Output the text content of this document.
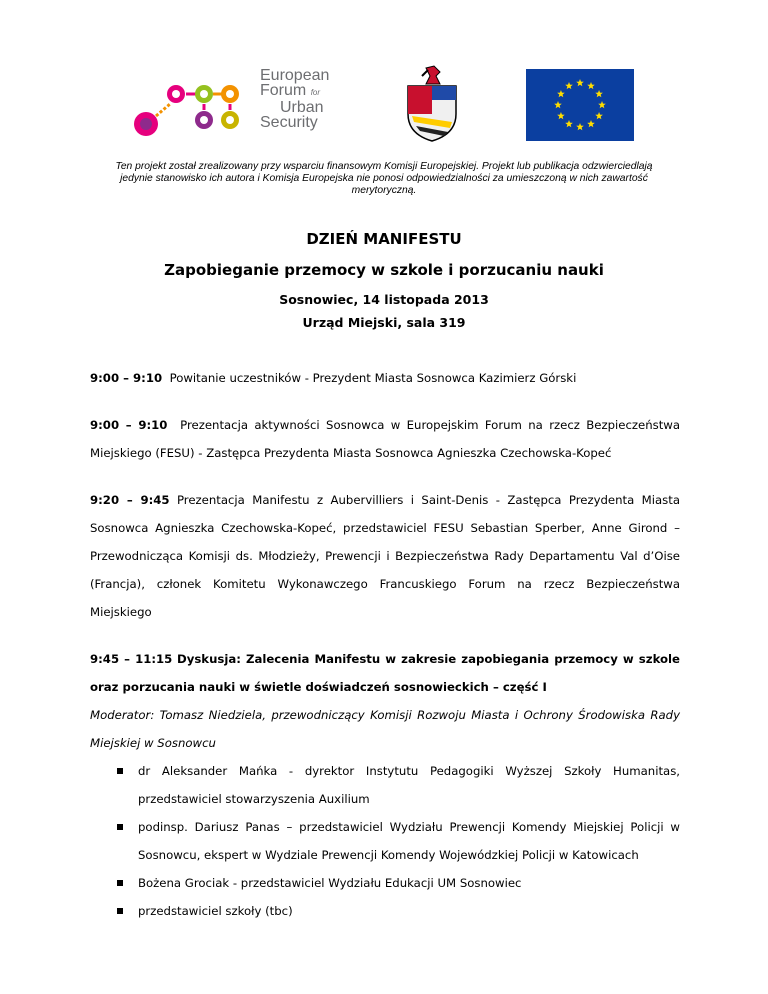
European
Forum for
Urban
Security
Ten projekt został zrealizowany przy wsparciu finansowym Komisji Europejskiej. Projekt lub publikacja odzwierciedlają jedynie stanowisko ich autora i Komisja Europejska nie ponosi odpowiedzialności za umieszczoną w nich zawartość merytoryczną.
DZIEŃ MANIFESTU
Zapobieganie przemocy w szkole i porzucaniu nauki
Sosnowiec, 14 listopada 2013
Urząd Miejski, sala 319

9:00 – 9:10 Powitanie uczestników - Prezydent Miasta Sosnowca Kazimierz Górski

9:00 – 9:10 Prezentacja aktywności Sosnowca w Europejskim Forum na rzecz Bezpieczeństwa Miejskiego (FESU) - Zastępca Prezydenta Miasta Sosnowca Agnieszka Czechowska-Kopeć

9:20 – 9:45 Prezentacja Manifestu z Aubervilliers i Saint-Denis - Zastępca Prezydenta Miasta Sosnowca Agnieszka Czechowska-Kopeć, przedstawiciel FESU Sebastian Sperber, Anne Girond – Przewodnicząca Komisji ds. Młodzieży, Prewencji i Bezpieczeństwa Rady Departamentu Val d’Oise (Francja), członek Komitetu Wykonawczego Francuskiego Forum na rzecz Bezpieczeństwa Miejskiego

9:45 – 11:15 Dyskusja: Zalecenia Manifestu w zakresie zapobiegania przemocy w szkole oraz porzucania nauki w świetle doświadczeń sosnowieckich – część I

Moderator: Tomasz Niedziela, przewodniczący Komisji Rozwoju Miasta i Ochrony Środowiska Rady Miejskiej w Sosnowcu

dr Aleksander Mańka - dyrektor Instytutu Pedagogiki Wyższej Szkoły Humanitas, przedstawiciel stowarzyszenia Auxilium
podinsp. Dariusz Panas – przedstawiciel Wydziału Prewencji Komendy Miejskiej Policji w Sosnowcu, ekspert w Wydziale Prewencji Komendy Wojewódzkiej Policji w Katowicach
Bożena Grociak - przedstawiciel Wydziału Edukacji UM Sosnowiec
przedstawiciel szkoły (tbc)
